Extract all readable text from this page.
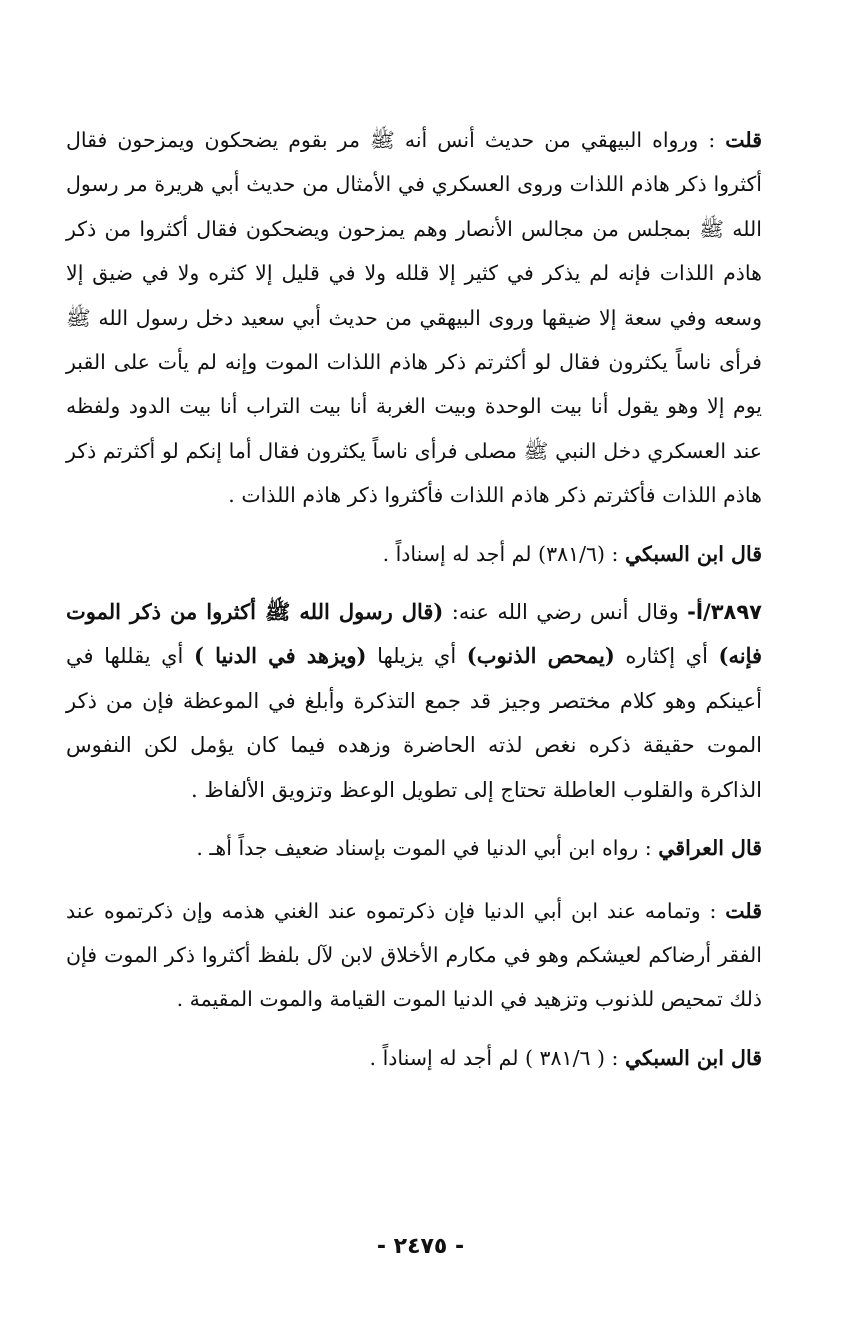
قلت : ورواه البيهقي من حديث أنس أنه ﷺ مر بقوم يضحكون ويمزحون فقال أكثروا ذكر هاذم اللذات وروى العسكري في الأمثال من حديث أبي هريرة مر رسول الله ﷺ بمجلس من مجالس الأنصار وهم يمزحون ويضحكون فقال أكثروا من ذكر هاذم اللذات فإنه لم يذكر في كثير إلا قلله ولا في قليل إلا كثره ولا في ضيق إلا وسعه وفي سعة إلا ضيقها وروى البيهقي من حديث أبي سعيد دخل رسول الله ﷺ فرأى ناساً يكثرون فقال لو أكثرتم ذكر هاذم اللذات الموت وإنه لم يأت على القبر يوم إلا وهو يقول أنا بيت الوحدة وبيت الغربة أنا بيت التراب أنا بيت الدود ولفظه عند العسكري دخل النبي ﷺ مصلى فرأى ناساً يكثرون فقال أما إنكم لو أكثرتم ذكر هاذم اللذات فأكثرتم ذكر هاذم اللذات فأكثروا ذكر هاذم اللذات .

قال ابن السبكي : (٣٨١/٦) لم أجد له إسناداً .

٣٨٩٧/أ- وقال أنس رضي الله عنه: (قال رسول الله ﷺ أكثروا من ذكر الموت فإنه) أي إكثاره (يمحص الذنوب) أي يزيلها (ويزهد في الدنيا ) أي يقللها في أعينكم وهو كلام مختصر وجيز قد جمع التذكرة وأبلغ في الموعظة فإن من ذكر الموت حقيقة ذكره نغص لذته الحاضرة وزهده فيما كان يؤمل لكن النفوس الذاكرة والقلوب العاطلة تحتاج إلى تطويل الوعظ وتزويق الألفاظ .

قال العراقي : رواه ابن أبي الدنيا في الموت بإسناد ضعيف جداً أهـ .

قلت : وتمامه عند ابن أبي الدنيا فإن ذكرتموه عند الغني هذمه وإن ذكرتموه عند الفقر أرضاكم لعيشكم وهو في مكارم الأخلاق لابن لآل بلفظ أكثروا ذكر الموت فإن ذلك تمحيص للذنوب وتزهيد في الدنيا الموت القيامة والموت المقيمة .

قال ابن السبكي : ( ٣٨١/٦ ) لم أجد له إسناداً .

- ٢٤٧٥ -
